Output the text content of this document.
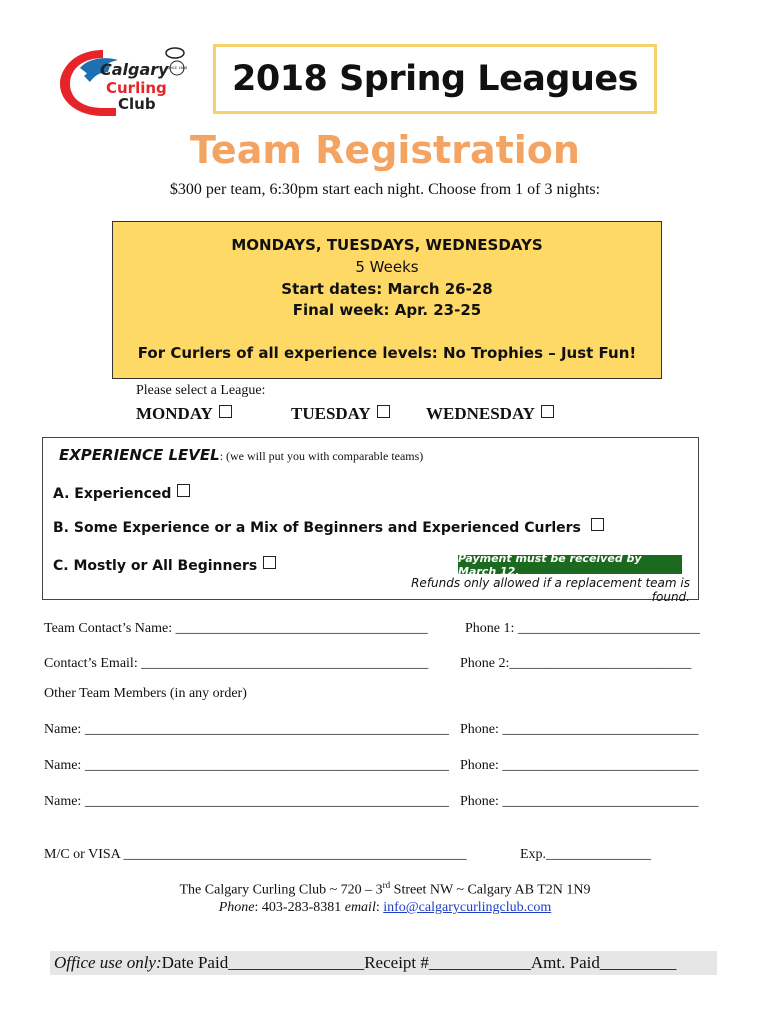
SINCE 1888
Calgary
Curling
Club
2018 Spring Leagues
Team Registration
$300 per team, 6:30pm start each night. Choose from 1 of 3 nights:
MONDAYS, TUESDAYS, WEDNESDAYS
5 Weeks
Start dates: March 26-28
Final week: Apr. 23-25
For Curlers of all experience levels: No Trophies – Just Fun!
Please select a League:
MONDAY	TUESDAY	WEDNESDAY
EXPERIENCE LEVEL: (we will put you with comparable teams)
A. Experienced
B. Some Experience or a Mix of Beginners and Experienced Curlers
C. Mostly or All Beginners	Payment must be received by March 12.
Refunds only allowed if a replacement team is found.
Team Contact’s Name: ____________________________________	Phone 1: __________________________
Contact’s Email: _________________________________________ Phone 2:__________________________
Other Team Members (in any order)
Name: ____________________________________________________ Phone: ____________________________
Name: ____________________________________________________ Phone: ____________________________
Name: ____________________________________________________ Phone: ____________________________
M/C or VISA _________________________________________________	Exp._______________
The Calgary Curling Club ~ 720 – 3rd Street NW ~ Calgary AB T2N 1N9
Phone: 403-283-8381 email: info@calgarycurlingclub.com
Office use only: Date Paid________________ Receipt #____________ Amt. Paid_________
